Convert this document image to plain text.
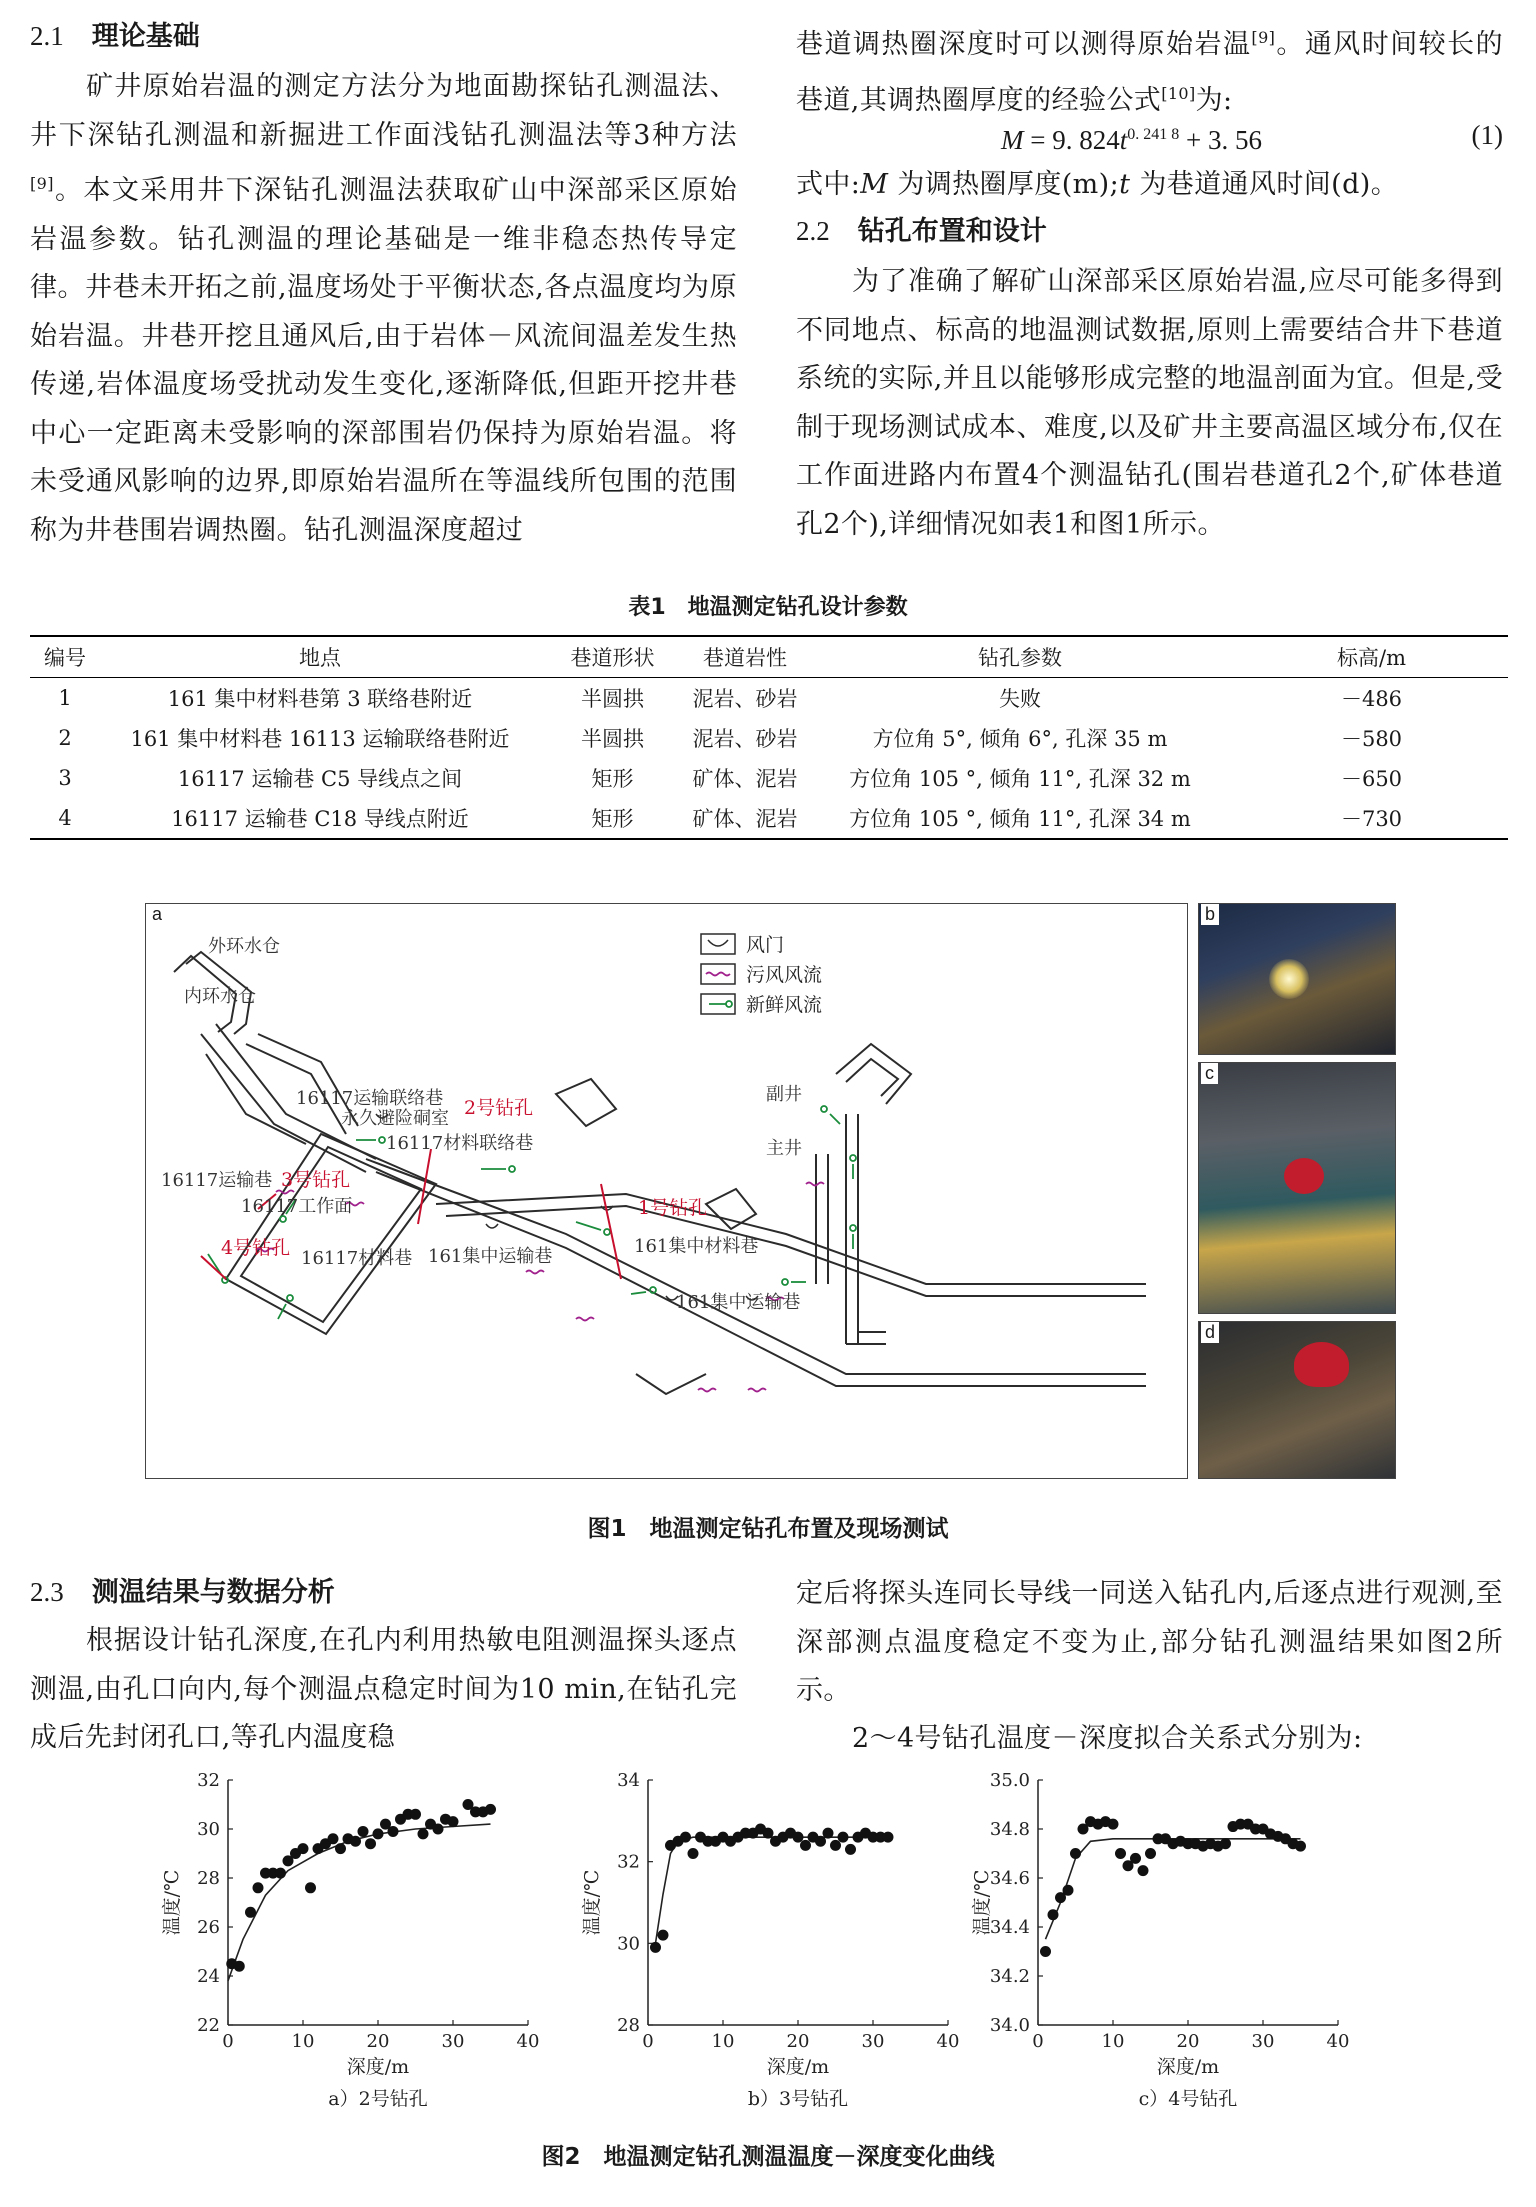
2.1 理论基础
矿井原始岩温的测定方法分为地面勘探钻孔测温法、井下深钻孔测温和新掘进工作面浅钻孔测温法等3种方法[9]。本文采用井下深钻孔测温法获取矿山中深部采区原始岩温参数。钻孔测温的理论基础是一维非稳态热传导定律。井巷未开拓之前,温度场处于平衡状态,各点温度均为原始岩温。井巷开挖且通风后,由于岩体－风流间温差发生热传递,岩体温度场受扰动发生变化,逐渐降低,但距开挖井巷中心一定距离未受影响的深部围岩仍保持为原始岩温。将未受通风影响的边界,即原始岩温所在等温线所包围的范围称为井巷围岩调热圈。钻孔测温深度超过
巷道调热圈深度时可以测得原始岩温[9]。通风时间较长的巷道,其调热圈厚度的经验公式[10]为:
M = 9. $824t^{0. 241 8} + 3$. 56	(1)
式中:M 为调热圈厚度(m);t 为巷道通风时间(d)。
2.2 钻孔布置和设计
为了准确了解矿山深部采区原始岩温,应尽可能多得到不同地点、标高的地温测试数据,原则上需要结合井下巷道系统的实际,并且以能够形成完整的地温剖面为宜。但是,受制于现场测试成本、难度,以及矿井主要高温区域分布,仅在工作面进路内布置4个测温钻孔(围岩巷道孔2个,矿体巷道孔2个),详细情况如表1和图1所示。
表1　地温测定钻孔设计参数
编号	地点	巷道形状	巷道岩性	钻孔参数	标高/m
1	161 集中材料巷第 3 联络巷附近	半圆拱	泥岩、砂岩	失败	－486
2	161 集中材料巷 16113 运输联络巷附近	半圆拱	泥岩、砂岩	方位角 5°, 倾角 6°, 孔深 35 m	－580
3	16117 运输巷 C5 导线点之间	矩形	矿体、泥岩	方位角 105 °, 倾角 11°, 孔深 32 m	－650
4	16117 运输巷 C18 导线点附近	矩形	矿体、泥岩	方位角 105 °, 倾角 11°, 孔深 34 m	－730
风门
污风风流
新鲜风流
外环水仓
内环水仓
16117运输联络巷
永久避险硐室
16117材料联络巷
16117运输巷
16117工作面
16117材料巷 161集中运输巷	161集中材料巷
161集中运输巷
副井
主井
1号钻孔
2号钻孔
3号钻孔
4号钻孔
a	b
c
d
图1　地温测定钻孔布置及现场测试
2.3 测温结果与数据分析
根据设计钻孔深度,在孔内利用热敏电阻测温探头逐点测温,由孔口向内,每个测温点稳定时间为10 min,在钻孔完成后先封闭孔口,等孔内温度稳
定后将探头连同长导线一同送入钻孔内,后逐点进行观测,至深部测点温度稳定不变为止,部分钻孔测温结果如图2所示。
2～4号钻孔温度－深度拟合关系式分别为:
0	10	20	30	40
22
24
26
28
30
32
深度/m
温度/℃
a）2号钻孔
0	10	20	30	40
28
30
32
34
深度/m
温度/℃
b）3号钻孔
0	10	20	30	40
34.0
34.2
34.4
34.6
34.8
35.0
深度/m
温度/℃
c）4号钻孔
图2　地温测定钻孔测温温度－深度变化曲线
